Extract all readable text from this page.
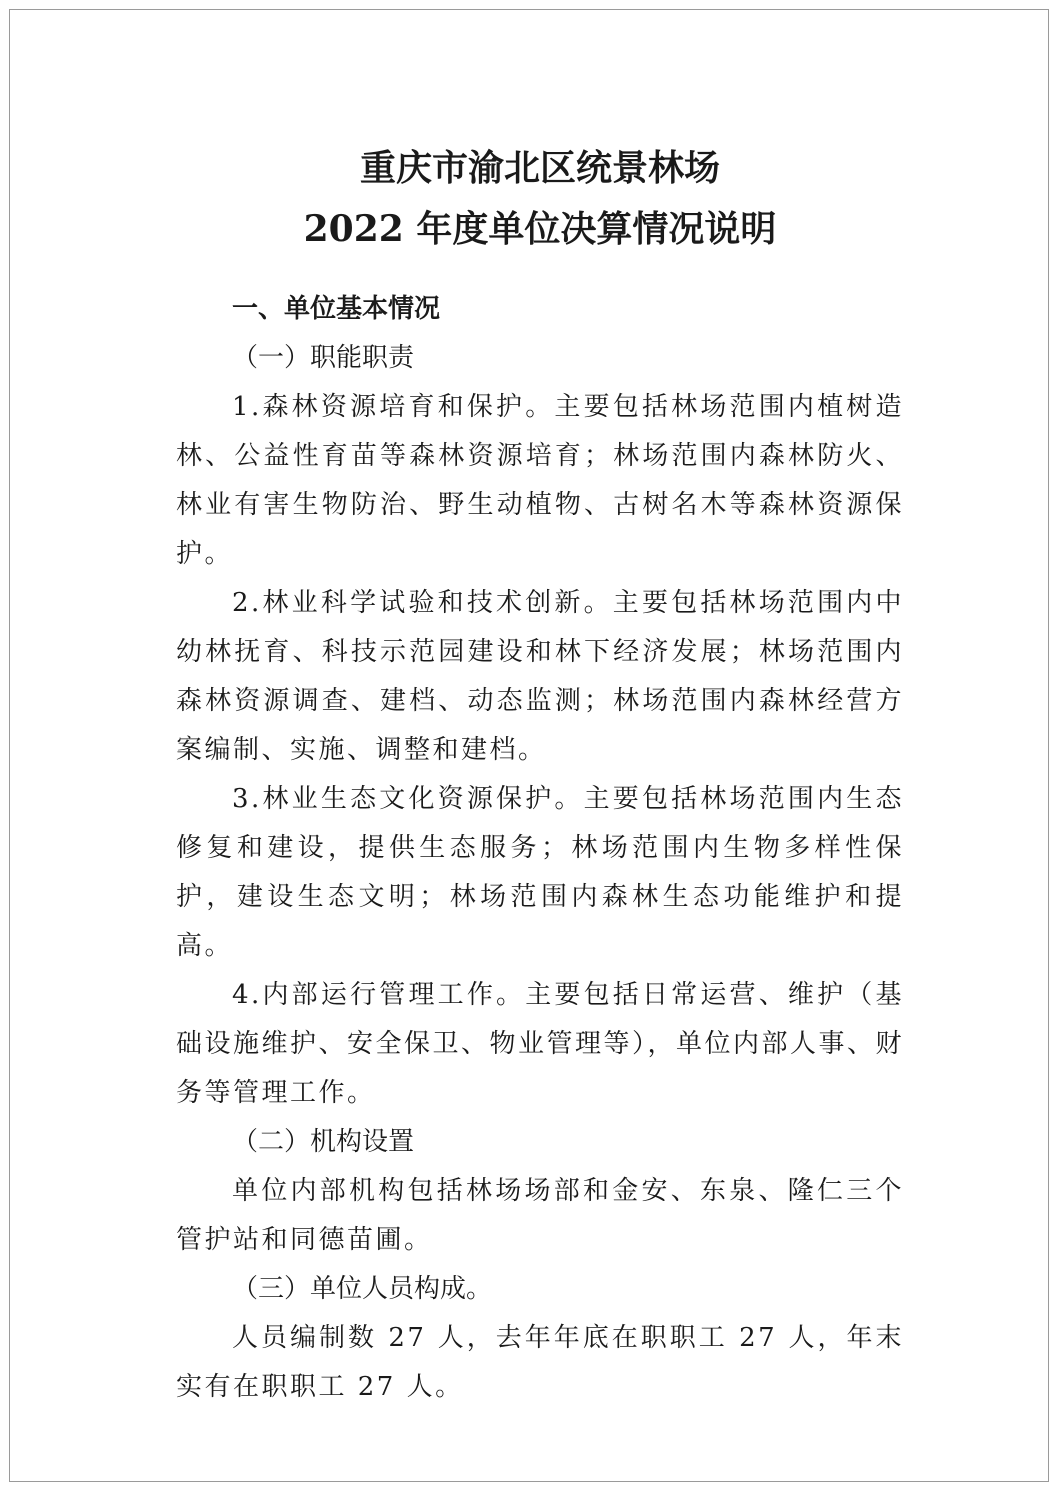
重庆市渝北区统景林场
2022 年度单位决算情况说明

一、单位基本情况

（一）职能职责

1.森林资源培育和保护。主要包括林场范围内植树造林、公益性育苗等森林资源培育；林场范围内森林防火、林业有害生物防治、野生动植物、古树名木等森林资源保护。

2.林业科学试验和技术创新。主要包括林场范围内中幼林抚育、科技示范园建设和林下经济发展；林场范围内森林资源调查、建档、动态监测；林场范围内森林经营方案编制、实施、调整和建档。

3.林业生态文化资源保护。主要包括林场范围内生态修复和建设，提供生态服务；林场范围内生物多样性保护，建设生态文明；林场范围内森林生态功能维护和提高。

4.内部运行管理工作。主要包括日常运营、维护（基础设施维护、安全保卫、物业管理等），单位内部人事、财务等管理工作。

（二）机构设置

单位内部机构包括林场场部和金安、东泉、隆仁三个管护站和同德苗圃。

（三）单位人员构成。

人员编制数 27 人，去年年底在职职工 27 人，年末实有在职职工 27 人。
